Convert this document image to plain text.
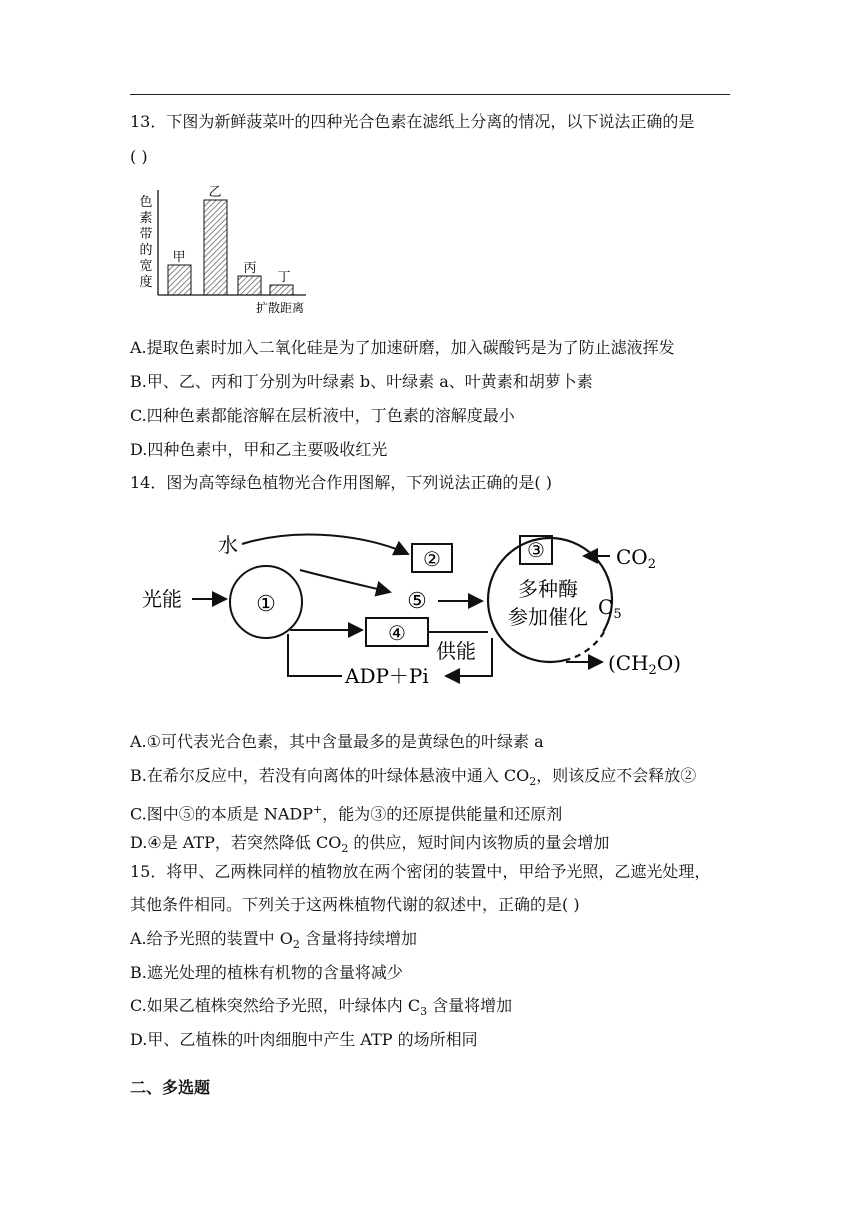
13．下图为新鲜菠菜叶的四种光合色素在滤纸上分离的情况，以下说法正确的是
( )
色
素
带
的
宽
度
甲
乙
丙
丁
扩散距离
A.提取色素时加入二氧化硅是为了加速研磨，加入碳酸钙是为了防止滤液挥发
B.甲、乙、丙和丁分别为叶绿素 b、叶绿素 a、叶黄素和胡萝卜素
C.四种色素都能溶解在层析液中，丁色素的溶解度最小
D.四种色素中，甲和乙主要吸收红光
14．图为高等绿色植物光合作用图解，下列说法正确的是( )
水
光能	①
②
⑤
④
供能
ADP＋Pi
多种酶
参加催化
③	$CO_2$
$C_5$
$(CH_2O)$
A.①可代表光合色素，其中含量最多的是黄绿色的叶绿素 a
B.在希尔反应中，若没有向离体的叶绿体悬液中通入 $CO_2$，则该反应不会释放②
C.图中⑤的本质是 NADP+，能为③的还原提供能量和还原剂
D.④是 ATP，若突然降低 $CO_2$ 的供应，短时间内该物质的量会增加
15．将甲、乙两株同样的植物放在两个密闭的装置中，甲给予光照，乙遮光处理，
其他条件相同。下列关于这两株植物代谢的叙述中，正确的是( )
A.给予光照的装置中 $O_2$ 含量将持续增加
B.遮光处理的植株有机物的含量将减少
C.如果乙植株突然给予光照，叶绿体内 $C_3$ 含量将增加
D.甲、乙植株的叶肉细胞中产生 ATP 的场所相同
二、多选题
